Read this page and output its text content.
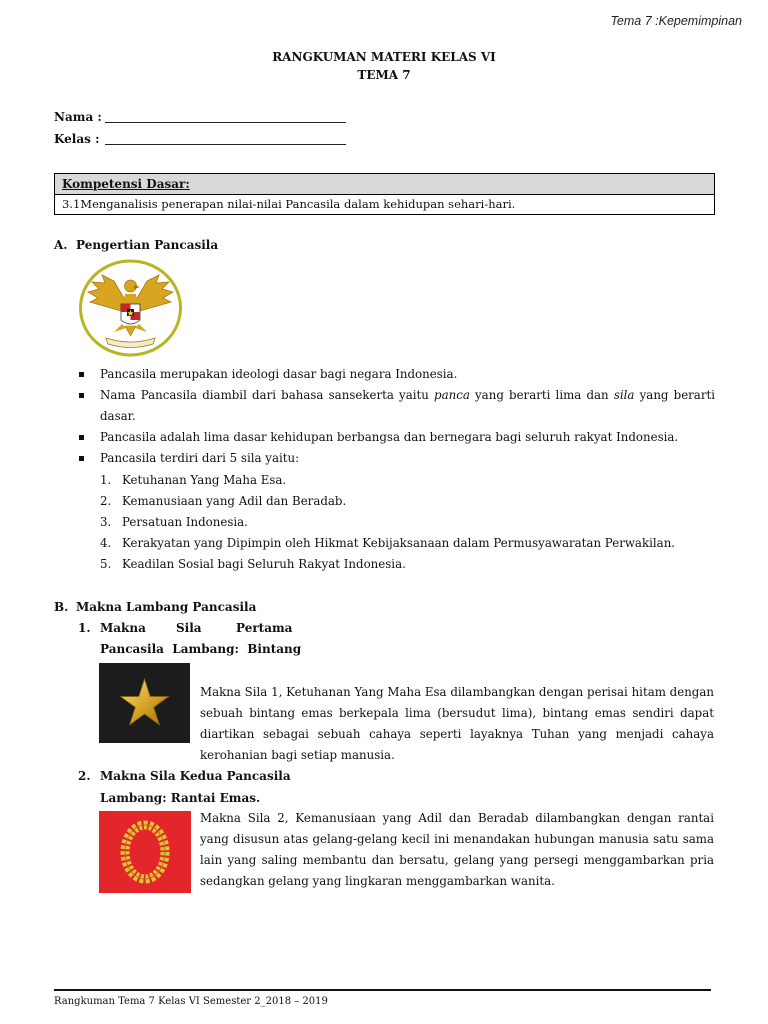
Tema 7 :Kepemimpinan
RANGKUMAN MATERI KELAS VI
TEMA 7
Nama :
Kelas :
Kompetensi Dasar:
3.1Menganalisis penerapan nilai-nilai Pancasila dalam kehidupan sehari-hari.
A. Pengertian Pancasila
Pancasila merupakan ideologi dasar bagi negara Indonesia.
Nama Pancasila diambil dari bahasa sansekerta yaitu panca yang berarti lima dan sila yang berarti dasar.
Pancasila adalah lima dasar kehidupan berbangsa dan bernegara bagi seluruh rakyat Indonesia.
Pancasila terdiri dari 5 sila yaitu:
1. Ketuhanan Yang Maha Esa.
2. Kemanusiaan yang Adil dan Beradab.
3. Persatuan Indonesia.
4. Kerakyatan yang Dipimpin oleh Hikmat Kebijaksanaan dalam Permusyawaratan Perwakilan.
5. Keadilan Sosial bagi Seluruh Rakyat Indonesia.
B. Makna Lambang Pancasila
1. Makna	Sila	Pertama
Pancasila  Lambang:  Bintang
Makna Sila 1, Ketuhanan Yang Maha Esa dilambangkan dengan perisai hitam dengan sebuah bintang emas berkepala lima (bersudut lima), bintang emas sendiri dapat diartikan sebagai sebuah cahaya seperti layaknya Tuhan yang menjadi cahaya kerohanian bagi setiap manusia.
2. Makna Sila Kedua Pancasila
Lambang: Rantai Emas.
Makna Sila 2, Kemanusiaan yang Adil dan Beradab dilambangkan dengan rantai yang disusun atas gelang-gelang kecil ini menandakan hubungan manusia satu sama lain yang saling membantu dan bersatu, gelang yang persegi menggambarkan pria sedangkan gelang yang lingkaran menggambarkan wanita.
Rangkuman Tema 7 Kelas VI Semester 2_2018 – 2019
